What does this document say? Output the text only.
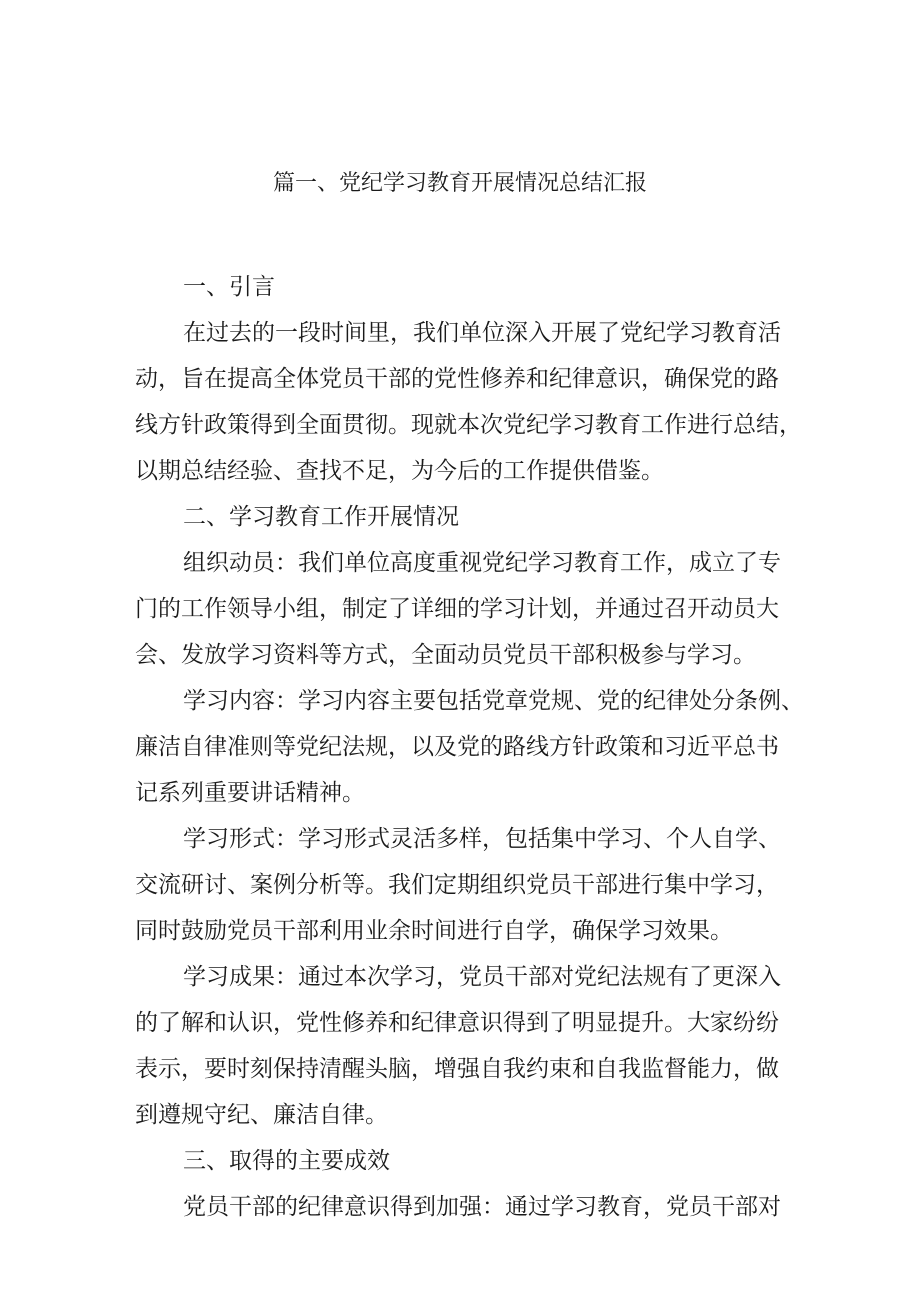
篇一、党纪学习教育开展情况总结汇报
一、引言
在过去的一段时间里，我们单位深入开展了党纪学习教育活
动，旨在提高全体党员干部的党性修养和纪律意识，确保党的路
线方针政策得到全面贯彻。现就本次党纪学习教育工作进行总结，
以期总结经验、查找不足，为今后的工作提供借鉴。
二、学习教育工作开展情况
组织动员：我们单位高度重视党纪学习教育工作，成立了专
门的工作领导小组，制定了详细的学习计划，并通过召开动员大
会、发放学习资料等方式，全面动员党员干部积极参与学习。
学习内容：学习内容主要包括党章党规、党的纪律处分条例、
廉洁自律准则等党纪法规，以及党的路线方针政策和习近平总书
记系列重要讲话精神。
学习形式：学习形式灵活多样，包括集中学习、个人自学、
交流研讨、案例分析等。我们定期组织党员干部进行集中学习，
同时鼓励党员干部利用业余时间进行自学，确保学习效果。
学习成果：通过本次学习，党员干部对党纪法规有了更深入
的了解和认识，党性修养和纪律意识得到了明显提升。大家纷纷
表示，要时刻保持清醒头脑，增强自我约束和自我监督能力，做
到遵规守纪、廉洁自律。
三、取得的主要成效
党员干部的纪律意识得到加强：通过学习教育，党员干部对
